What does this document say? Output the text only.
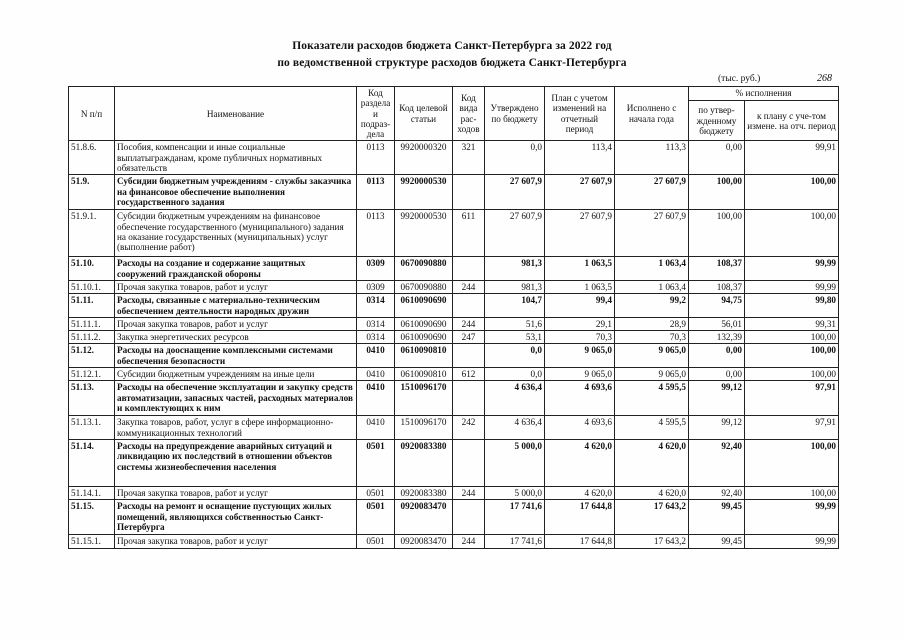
Показатели расходов бюджета Санкт-Петербурга за 2022 год
по ведомственной структуре расходов бюджета Санкт-Петербурга
(тыс. руб.)	268
N п/п	Наименование	Код раздела и подраз-дела	Код целевой статьи	Код вида рас-ходов	Утверждено по бюджету	План с учетом изменений на отчетный период	Исполнено с начала года	% исполнения	
								по утвер-жденному бюджету	к плану с уче-том измене. на отч. период
51.8.6.	Пособия, компенсации и иные социальные выплатыгражданам, кроме публичных нормативных обязательств	0113	9920000320	321	0,0	113,4	113,3	0,00	99,91
51.9.	Субсидии бюджетным учреждениям - службы заказчика на финансовое обеспечение выполнения государственного задания	0113	9920000530		27 607,9	27 607,9	27 607,9	100,00	100,00
51.9.1.	Субсидии бюджетным учреждениям на финансовое обеспечение государственного (муниципального) задания на оказание государственных (муниципальных) услуг (выполнение работ)	0113	9920000530	611	27 607,9	27 607,9	27 607,9	100,00	100,00
51.10.	Расходы на создание и содержание защитных сооружений гражданской обороны	0309	0670090880		981,3	1 063,5	1 063,4	108,37	99,99
51.10.1.	Прочая закупка товаров, работ и услуг	0309	0670090880	244	981,3	1 063,5	1 063,4	108,37	99,99
51.11.	Расходы, связанные с материально-техническим обеспечением деятельности народных дружин	0314	0610090690		104,7	99,4	99,2	94,75	99,80
51.11.1.	Прочая закупка товаров, работ и услуг	0314	0610090690	244	51,6	29,1	28,9	56,01	99,31
51.11.2.	Закупка энергетических ресурсов	0314	0610090690	247	53,1	70,3	70,3	132,39	100,00
51.12.	Расходы на дооснащение комплексными системами обеспечения безопасности	0410	0610090810		0,0	9 065,0	9 065,0	0,00	100,00
51.12.1.	Субсидии бюджетным учреждениям на иные цели	0410	0610090810	612	0,0	9 065,0	9 065,0	0,00	100,00
51.13.	Расходы на обеспечение эксплуатации и закупку средств автоматизации, запасных частей, расходных материалов и комплектующих к ним	0410	1510096170		4 636,4	4 693,6	4 595,5	99,12	97,91
51.13.1.	Закупка товаров, работ, услуг в сфере информационно-коммуникационных технологий	0410	1510096170	242	4 636,4	4 693,6	4 595,5	99,12	97,91
51.14.	Расходы на предупреждение аварийных ситуаций и ликвидацию их последствий в отношении объектов системы жизнеобеспечения населения	0501	0920083380		5 000,0	4 620,0	4 620,0	92,40	100,00
51.14.1.	Прочая закупка товаров, работ и услуг	0501	0920083380	244	5 000,0	4 620,0	4 620,0	92,40	100,00
51.15.	Расходы на ремонт и оснащение пустующих жилых помещений, являющихся собственностью Санкт-Петербурга	0501	0920083470		17 741,6	17 644,8	17 643,2	99,45	99,99
51.15.1.	Прочая закупка товаров, работ и услуг	0501	0920083470	244	17 741,6	17 644,8	17 643,2	99,45	99,99
